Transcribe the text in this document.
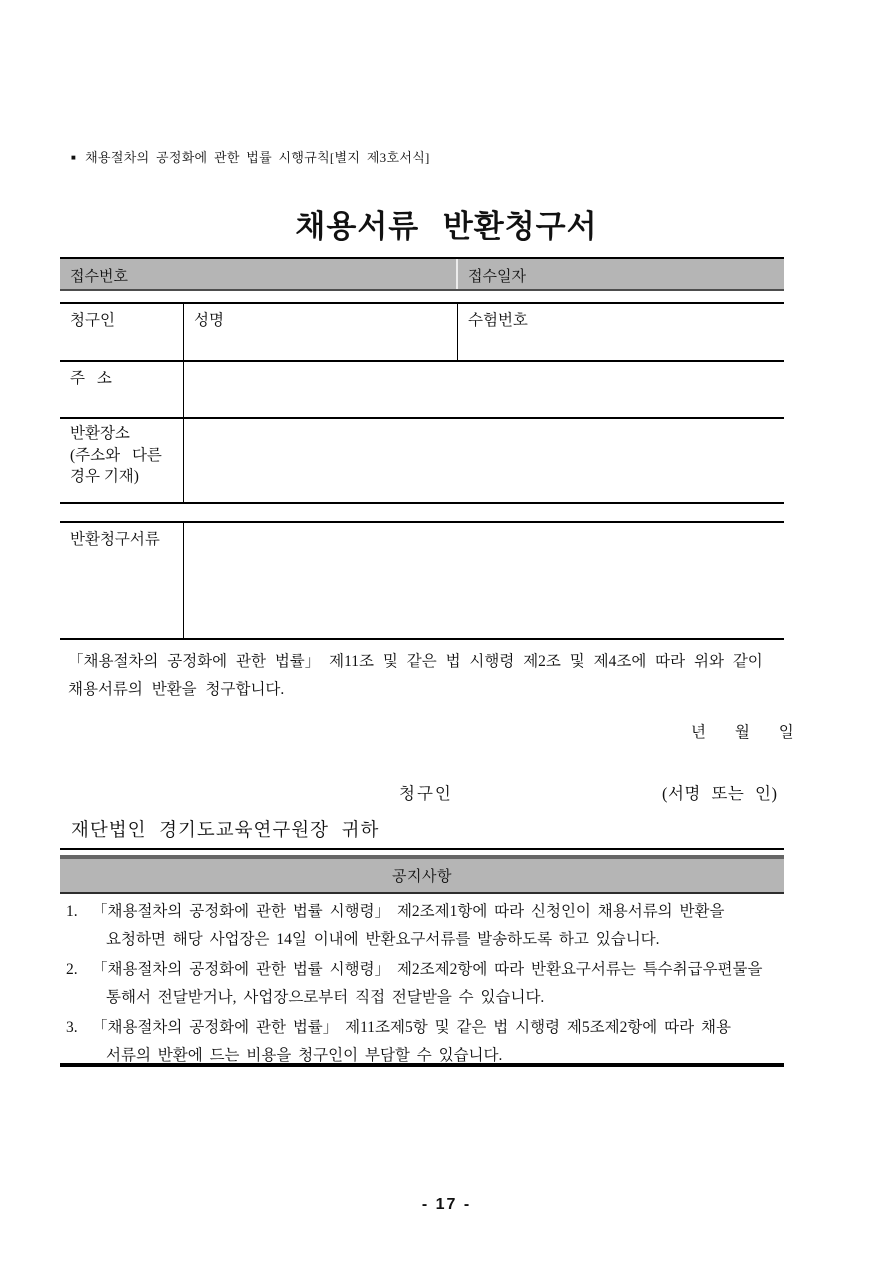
■ 채용절차의 공정화에 관한 법률 시행규칙[별지 제3호서식]
채용서류 반환청구서
접수번호	접수일자
청구인	성명	수험번호
주 소
반환장소
(주소와 다른
경우 기재)
반환청구서류
「채용절차의 공정화에 관한 법률」 제11조 및 같은 법 시행령 제2조 및 제4조에 따라 위와 같이
채용서류의 반환을 청구합니다.
년 월 일
청구인	(서명 또는 인)
재단법인 경기도교육연구원장 귀하
공지사항
1. 「채용절차의 공정화에 관한 법률 시행령」 제2조제1항에 따라 신청인이 채용서류의 반환을
요청하면 해당 사업장은 14일 이내에 반환요구서류를 발송하도록 하고 있습니다.
2. 「채용절차의 공정화에 관한 법률 시행령」 제2조제2항에 따라 반환요구서류는 특수취급우편물을
통해서 전달받거나, 사업장으로부터 직접 전달받을 수 있습니다.
3. 「채용절차의 공정화에 관한 법률」 제11조제5항 및 같은 법 시행령 제5조제2항에 따라 채용
서류의 반환에 드는 비용을 청구인이 부담할 수 있습니다.
- 17 -
